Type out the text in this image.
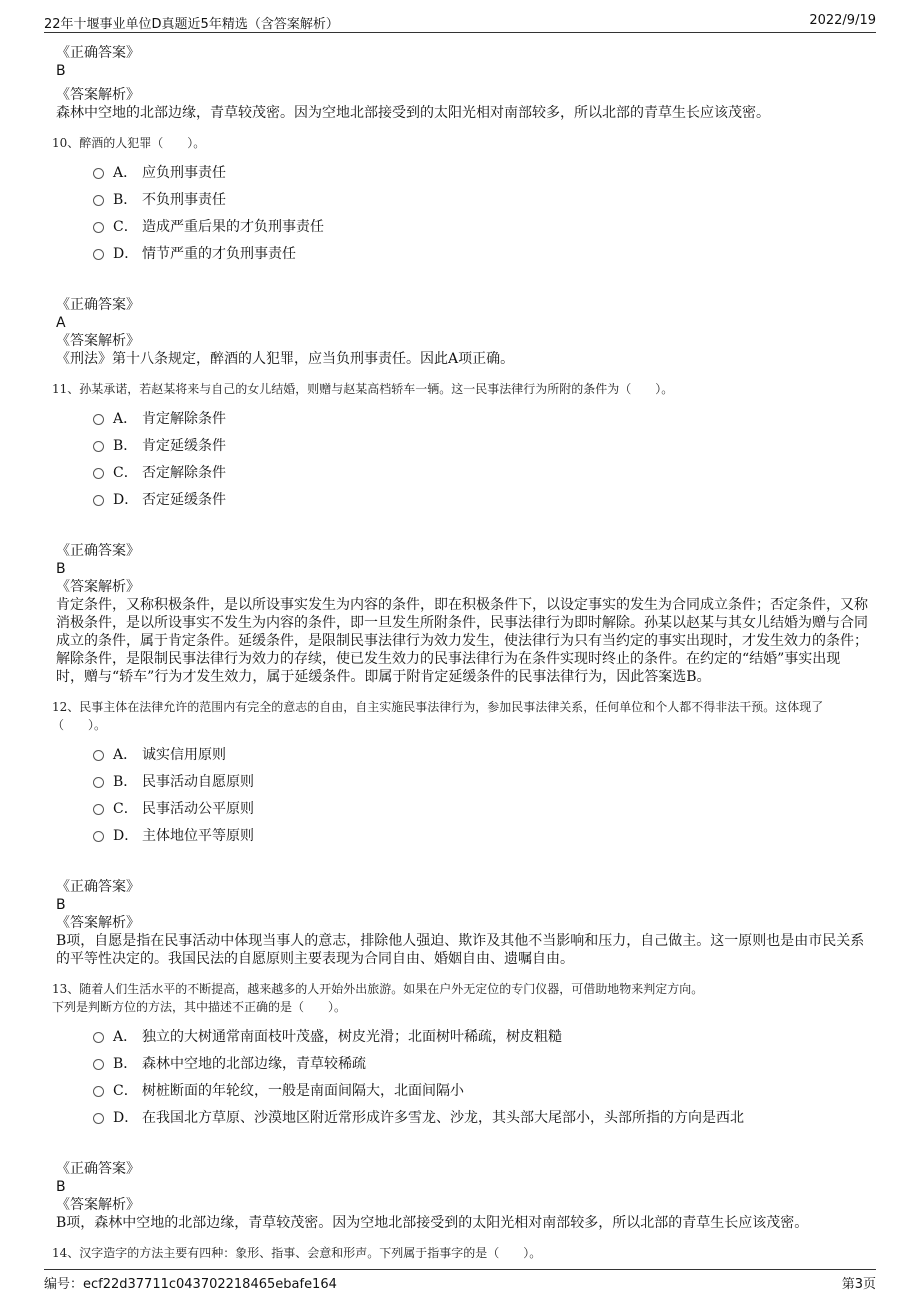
22年十堰事业单位D真题近5年精选（含答案解析）	2022/9/19
《正确答案》
B
《答案解析》
森林中空地的北部边缘，青草较茂密。因为空地北部接受到的太阳光相对南部较多，所以北部的青草生长应该茂密。
10、醉酒的人犯罪（　　）。
A． 应负刑事责任
B． 不负刑事责任
C． 造成严重后果的才负刑事责任
D． 情节严重的才负刑事责任
《正确答案》
A
《答案解析》
《刑法》第十八条规定，醉酒的人犯罪，应当负刑事责任。因此A项正确。
11、孙某承诺，若赵某将来与自己的女儿结婚，则赠与赵某高档轿车一辆。这一民事法律行为所附的条件为（　　）。
A． 肯定解除条件
B． 肯定延缓条件
C． 否定解除条件
D． 否定延缓条件
《正确答案》
B
《答案解析》
肯定条件，又称积极条件，是以所设事实发生为内容的条件，即在积极条件下，以设定事实的发生为合同成立条件；否定条件，又称消极条件，是以所设事实不发生为内容的条件，即一旦发生所附条件，民事法律行为即时解除。孙某以赵某与其女儿结婚为赠与合同成立的条件，属于肯定条件。延缓条件，是限制民事法律行为效力发生，使法律行为只有当约定的事实出现时，才发生效力的条件；解除条件，是限制民事法律行为效力的存续，使已发生效力的民事法律行为在条件实现时终止的条件。在约定的“结婚”事实出现时，赠与“轿车”行为才发生效力，属于延缓条件。即属于附肯定延缓条件的民事法律行为，因此答案选B。
12、民事主体在法律允许的范围内有完全的意志的自由，自主实施民事法律行为，参加民事法律关系，任何单位和个人都不得非法干预。这体现了（　　）。
A． 诚实信用原则
B． 民事活动自愿原则
C． 民事活动公平原则
D． 主体地位平等原则
《正确答案》
B
《答案解析》
B项，自愿是指在民事活动中体现当事人的意志，排除他人强迫、欺诈及其他不当影响和压力，自己做主。这一原则也是由市民关系的平等性决定的。我国民法的自愿原则主要表现为合同自由、婚姻自由、遗嘱自由。
13、随着人们生活水平的不断提高，越来越多的人开始外出旅游。如果在户外无定位的专门仪器，可借助地物来判定方向。
下列是判断方位的方法，其中描述不正确的是（　　）。
A． 独立的大树通常南面枝叶茂盛，树皮光滑；北面树叶稀疏，树皮粗糙
B． 森林中空地的北部边缘，青草较稀疏
C． 树桩断面的年轮纹，一般是南面间隔大，北面间隔小
D． 在我国北方草原、沙漠地区附近常形成许多雪龙、沙龙，其头部大尾部小，头部所指的方向是西北
《正确答案》
B
《答案解析》
B项，森林中空地的北部边缘，青草较茂密。因为空地北部接受到的太阳光相对南部较多，所以北部的青草生长应该茂密。
14、汉字造字的方法主要有四种：象形、指事、会意和形声。下列属于指事字的是（　　）。
编号：ecf22d37711c043702218465ebafe164	第3页
